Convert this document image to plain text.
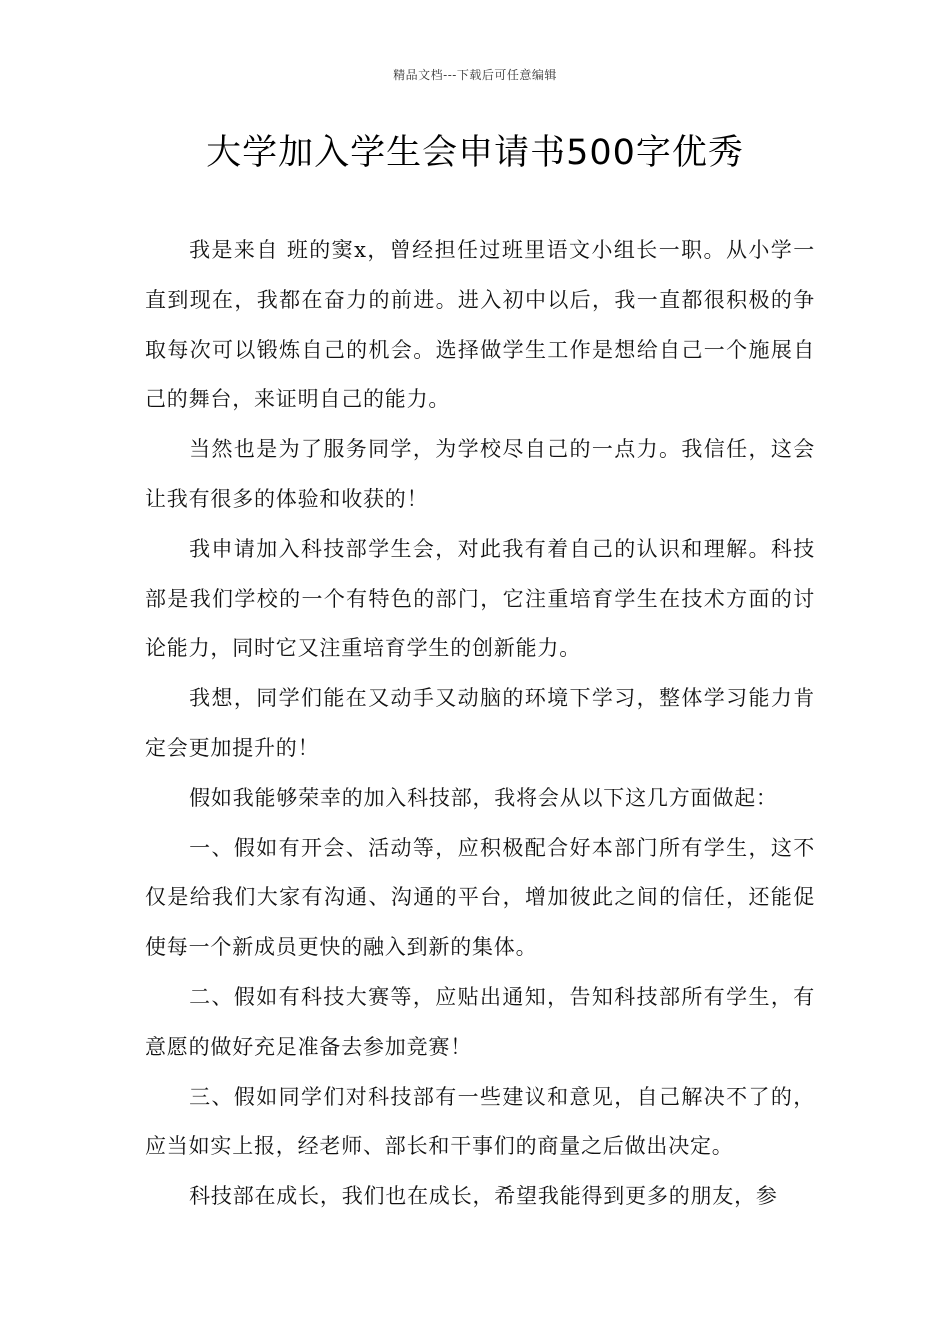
精品文档---下载后可任意编辑
大学加入学生会申请书500字优秀

我是来自 班的窦x，曾经担任过班里语文小组长一职。从小学一直到现在，我都在奋力的前进。进入初中以后，我一直都很积极的争取每次可以锻炼自己的机会。选择做学生工作是想给自己一个施展自己的舞台，来证明自己的能力。

当然也是为了服务同学，为学校尽自己的一点力。我信任，这会让我有很多的体验和收获的！

我申请加入科技部学生会，对此我有着自己的认识和理解。科技部是我们学校的一个有特色的部门，它注重培育学生在技术方面的讨论能力，同时它又注重培育学生的创新能力。

我想，同学们能在又动手又动脑的环境下学习，整体学习能力肯定会更加提升的！

假如我能够荣幸的加入科技部，我将会从以下这几方面做起：

一、假如有开会、活动等，应积极配合好本部门所有学生，这不仅是给我们大家有沟通、沟通的平台，增加彼此之间的信任，还能促使每一个新成员更快的融入到新的集体。

二、假如有科技大赛等，应贴出通知，告知科技部所有学生，有意愿的做好充足准备去参加竞赛！

三、假如同学们对科技部有一些建议和意见，自己解决不了的，应当如实上报，经老师、部长和干事们的商量之后做出决定。

科技部在成长，我们也在成长，希望我能得到更多的朋友，参
